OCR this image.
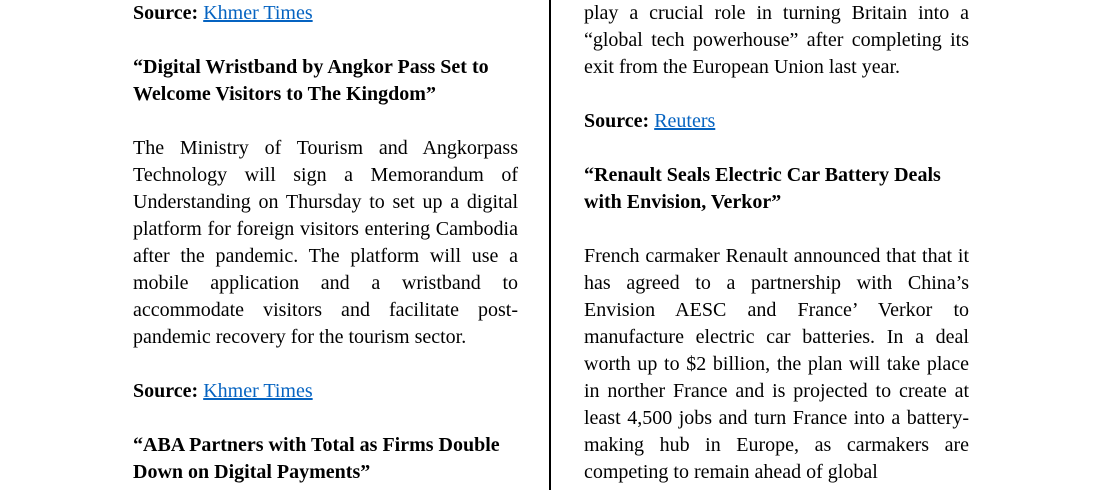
Source: Khmer Times

“Digital Wristband by Angkor Pass Set to Welcome Visitors to The Kingdom”

The Ministry of Tourism and Angkorpass Technology will sign a Memorandum of Understanding on Thursday to set up a digital platform for foreign visitors entering Cambodia after the pandemic. The platform will use a mobile application and a wristband to accommodate visitors and facilitate post-pandemic recovery for the tourism sector.

Source: Khmer Times

“ABA Partners with Total as Firms Double Down on Digital Payments”

play a crucial role in turning Britain into a “global tech powerhouse” after completing its exit from the European Union last year.

Source: Reuters

“Renault Seals Electric Car Battery Deals with Envision, Verkor”

French carmaker Renault announced that that it has agreed to a partnership with China’s Envision AESC and France’ Verkor to manufacture electric car batteries. In a deal worth up to $2 billion, the plan will take place in norther France and is projected to create at least 4,500 jobs and turn France into a battery-making hub in Europe, as carmakers are competing to remain ahead of global
